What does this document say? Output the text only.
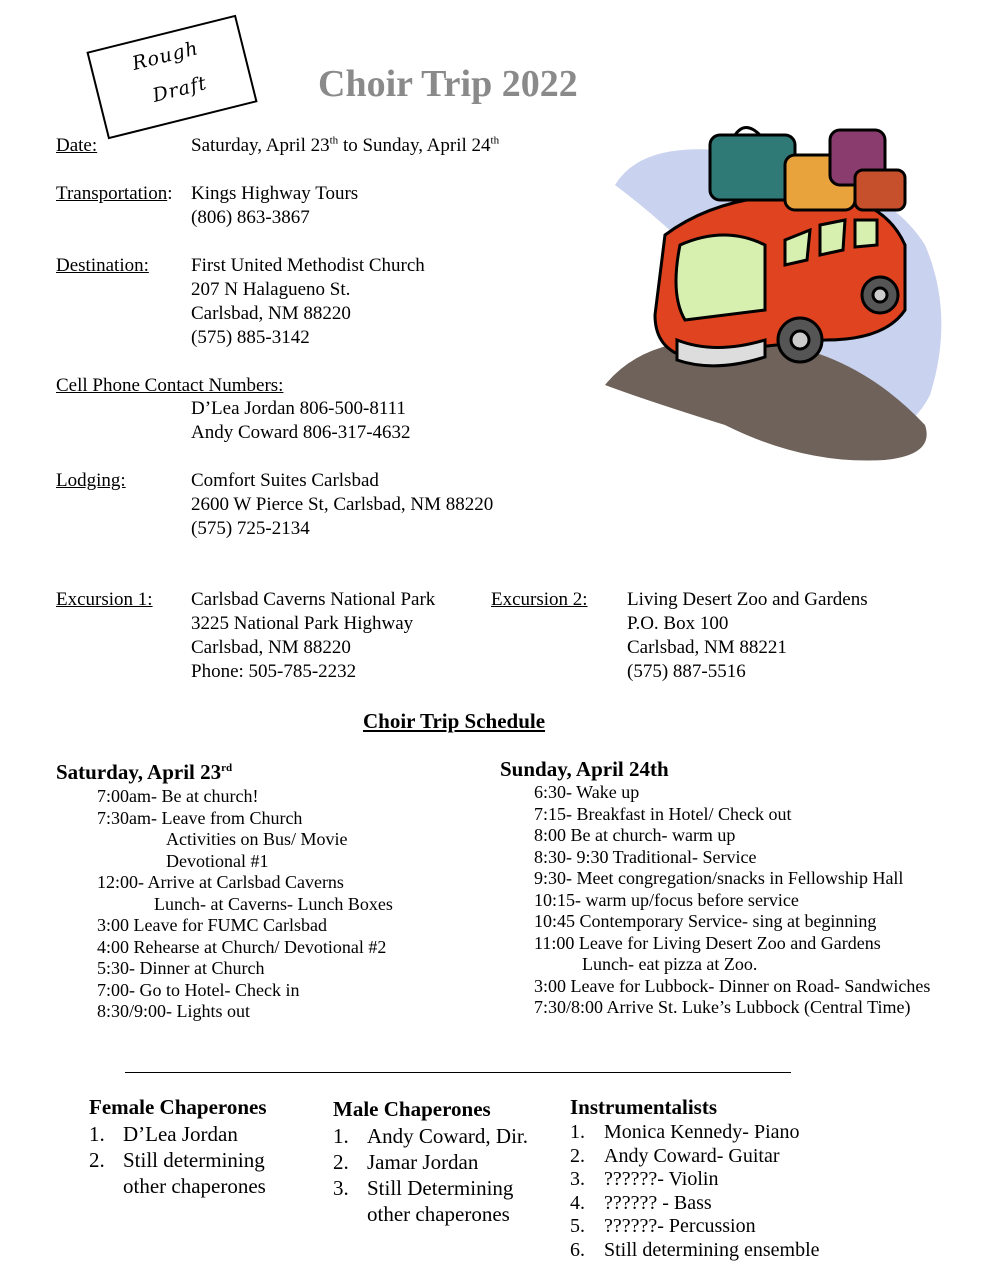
Rough
Draft	Choir Trip 2022
Date:	Saturday, April 23th to Sunday, April 24th
Transportation: Kings Highway Tours
(806) 863-3867
Destination: First United Methodist Church
207 N Halagueno St.
Carlsbad, NM 88220
(575) 885-3142
Cell Phone Contact Numbers:
D’Lea Jordan 806-500-8111
Andy Coward 806-317-4632
Lodging:	Comfort Suites Carlsbad
2600 W Pierce St, Carlsbad, NM 88220
(575) 725-2134
Excursion 1: Carlsbad Caverns National Park
3225 National Park Highway
Carlsbad, NM 88220
Phone: 505-785-2232
Excursion 2: Living Desert Zoo and Gardens
P.O. Box 100
Carlsbad, NM 88221
(575) 887-5516
Choir Trip Schedule
Saturday, April 23rd
7:00am- Be at church!
7:30am- Leave from Church
Activities on Bus/ Movie
Devotional #1
12:00- Arrive at Carlsbad Caverns
Lunch- at Caverns- Lunch Boxes
3:00 Leave for FUMC Carlsbad
4:00 Rehearse at Church/ Devotional #2
5:30- Dinner at Church
7:00- Go to Hotel- Check in
8:30/9:00- Lights out
Sunday, April 24th
6:30- Wake up
7:15- Breakfast in Hotel/ Check out
8:00 Be at church- warm up
8:30- 9:30 Traditional- Service
9:30- Meet congregation/snacks in Fellowship Hall
10:15- warm up/focus before service
10:45 Contemporary Service- sing at beginning
11:00 Leave for Living Desert Zoo and Gardens
Lunch- eat pizza at Zoo.
3:00 Leave for Lubbock- Dinner on Road- Sandwiches
7:30/8:00 Arrive St. Luke’s Lubbock (Central Time)
Female Chaperones
1. D’Lea Jordan
2. Still determining
other chaperones
Male Chaperones
1. Andy Coward, Dir.
2. Jamar Jordan
3. Still Determining
other chaperones
Instrumentalists
1. Monica Kennedy- Piano
2. Andy Coward- Guitar
3. ??????- Violin
4. ?????? - Bass
5. ??????- Percussion
6. Still determining ensemble
